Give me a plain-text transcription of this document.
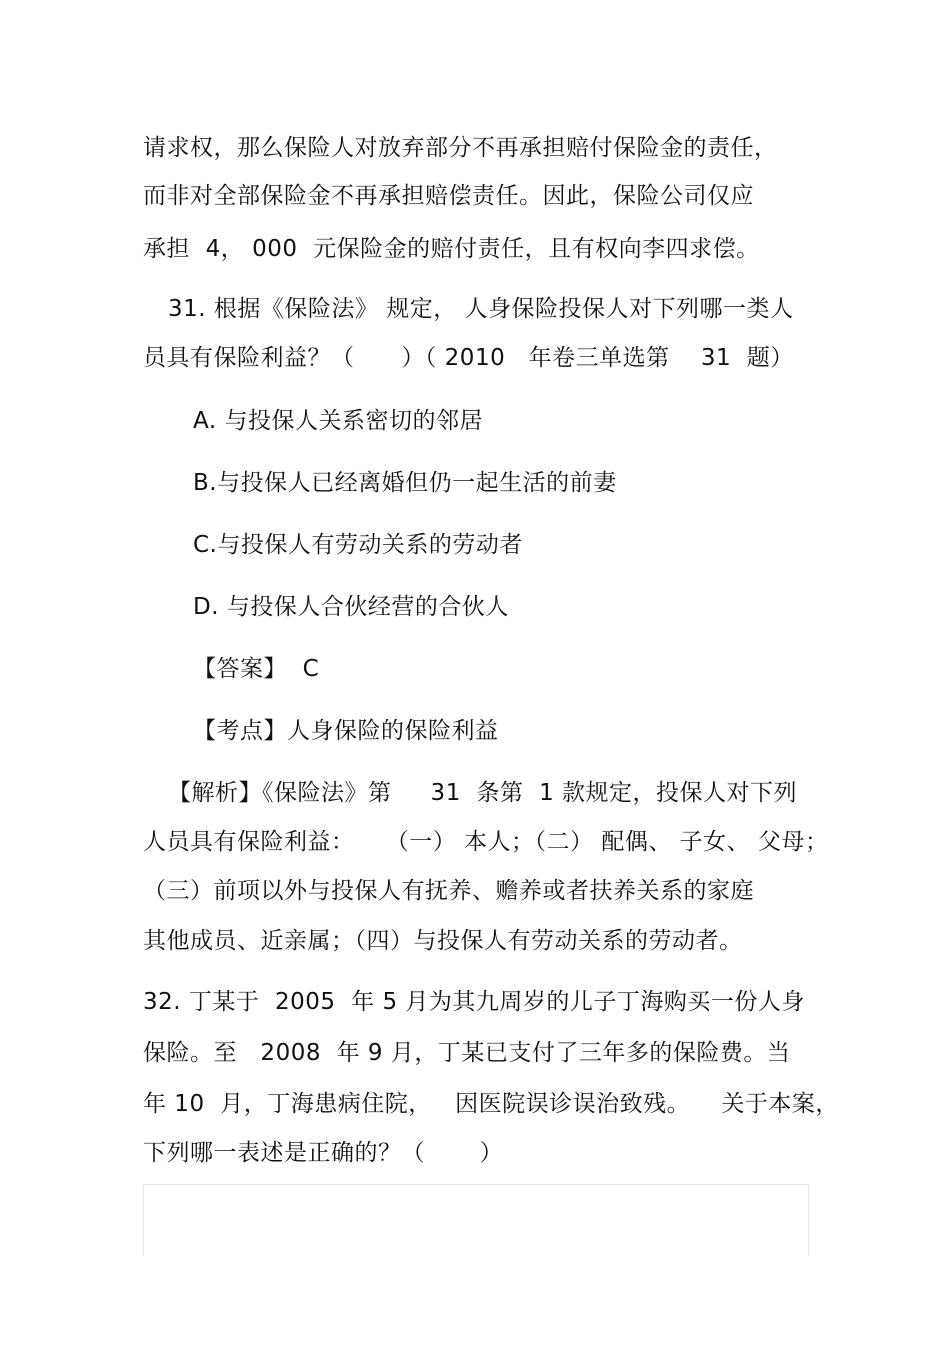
请求权，那么保险人对放弃部分不再承担赔付保险金的责任，

而非对全部保险金不再承担赔偿责任。因此，保险公司仅应

承担  4， 000  元保险金的赔付责任，且有权向李四求偿。

31. 根据《保险法》 规定， 人身保险投保人对下列哪一类人

员具有保险利益？（      ）（ 2010   年卷三单选第    31  题）

A. 与投保人关系密切的邻居

B.与投保人已经离婚但仍一起生活的前妻

C.与投保人有劳动关系的劳动者

D. 与投保人合伙经营的合伙人

【答案】  C

【考点】人身保险的保险利益

【解析】《保险法》第     31  条第  1 款规定，投保人对下列

人员具有保险利益：    （一） 本人；（二） 配偶、 子女、 父母；

（三）前项以外与投保人有抚养、赡养或者扶养关系的家庭

其他成员、近亲属；（四）与投保人有劳动关系的劳动者。

32. 丁某于  2005  年 5 月为其九周岁的儿子丁海购买一份人身

保险。至   2008  年 9 月，丁某已支付了三年多的保险费。当

年 10  月，丁海患病住院，   因医院误诊误治致残。    关于本案，

下列哪一表述是正确的？（       ）
